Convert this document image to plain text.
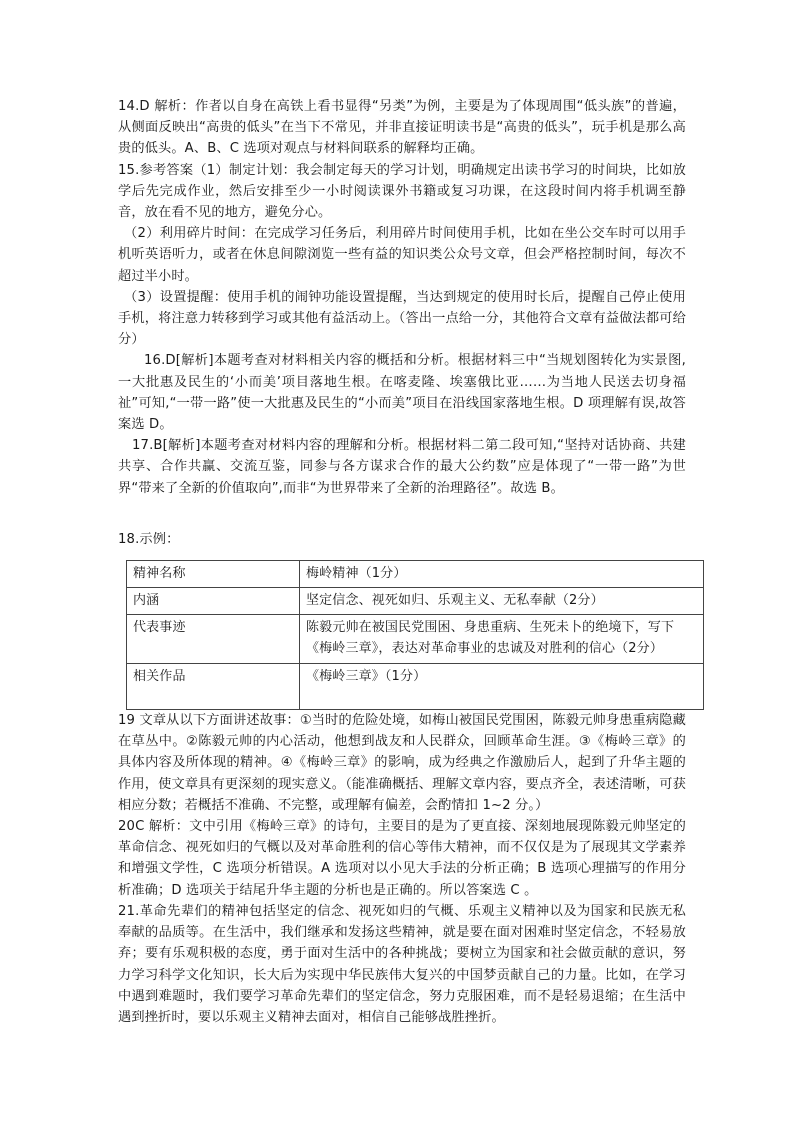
14.D 解析：作者以自身在高铁上看书显得“另类”为例，主要是为了体现周围“低头族”的普遍，从侧面反映出“高贵的低头”在当下不常见，并非直接证明读书是“高贵的低头”，玩手机是那么高贵的低头。A、B、C 选项对观点与材料间联系的解释均正确。

15.参考答案（1）制定计划：我会制定每天的学习计划，明确规定出读书学习的时间块，比如放学后先完成作业，然后安排至少一小时阅读课外书籍或复习功课，在这段时间内将手机调至静音，放在看不见的地方，避免分心。

（2）利用碎片时间：在完成学习任务后，利用碎片时间使用手机，比如在坐公交车时可以用手机听英语听力，或者在休息间隙浏览一些有益的知识类公众号文章，但会严格控制时间，每次不超过半小时。

（3）设置提醒：使用手机的闹钟功能设置提醒，当达到规定的使用时长后，提醒自己停止使用手机，将注意力转移到学习或其他有益活动上。（答出一点给一分，其他符合文章有益做法都可给分）

16.D[解析]本题考查对材料相关内容的概括和分析。根据材料三中“当规划图转化为实景图,一大批惠及民生的‘小而美’项目落地生根。在喀麦隆、埃塞俄比亚……为当地人民送去切身福祉”可知,“一带一路”使一大批惠及民生的“小而美”项目在沿线国家落地生根。D 项理解有误,故答案选 D。

17.B[解析]本题考查对材料内容的理解和分析。根据材料二第二段可知,“坚持对话协商、共建共享、合作共赢、交流互鉴，同参与各方谋求合作的最大公约数”应是体现了“一带一路”为世界“带来了全新的价值取向”,而非“为世界带来了全新的治理路径”。故选 B。

18.示例：

精神名称	梅岭精神（1分）
内涵	坚定信念、视死如归、乐观主义、无私奉献（2分）
代表事迹	陈毅元帅在被国民党围困、身患重病、生死未卜的绝境下，写下《梅岭三章》，表达对革命事业的忠诚及对胜利的信心（2分）
相关作品	《梅岭三章》（1分）

19 文章从以下方面讲述故事：①当时的危险处境，如梅山被国民党围困，陈毅元帅身患重病隐藏在草丛中。②陈毅元帅的内心活动，他想到战友和人民群众，回顾革命生涯。③《梅岭三章》的具体内容及所体现的精神。④《梅岭三章》的影响，成为经典之作激励后人，起到了升华主题的作用，使文章具有更深刻的现实意义。（能准确概括、理解文章内容，要点齐全，表述清晰，可获相应分数；若概括不准确、不完整，或理解有偏差，会酌情扣 1~2 分。）

20C 解析：文中引用《梅岭三章》的诗句，主要目的是为了更直接、深刻地展现陈毅元帅坚定的革命信念、视死如归的气概以及对革命胜利的信心等伟大精神，而不仅仅是为了展现其文学素养和增强文学性，C 选项分析错误。A 选项对以小见大手法的分析正确；B 选项心理描写的作用分析准确；D 选项关于结尾升华主题的分析也是正确的。所以答案选 C 。

21.革命先辈们的精神包括坚定的信念、视死如归的气概、乐观主义精神以及为国家和民族无私奉献的品质等。在生活中，我们继承和发扬这些精神，就是要在面对困难时坚定信念，不轻易放弃；要有乐观积极的态度，勇于面对生活中的各种挑战；要树立为国家和社会做贡献的意识，努力学习科学文化知识，长大后为实现中华民族伟大复兴的中国梦贡献自己的力量。比如，在学习中遇到难题时，我们要学习革命先辈们的坚定信念，努力克服困难，而不是轻易退缩；在生活中遇到挫折时，要以乐观主义精神去面对，相信自己能够战胜挫折。
